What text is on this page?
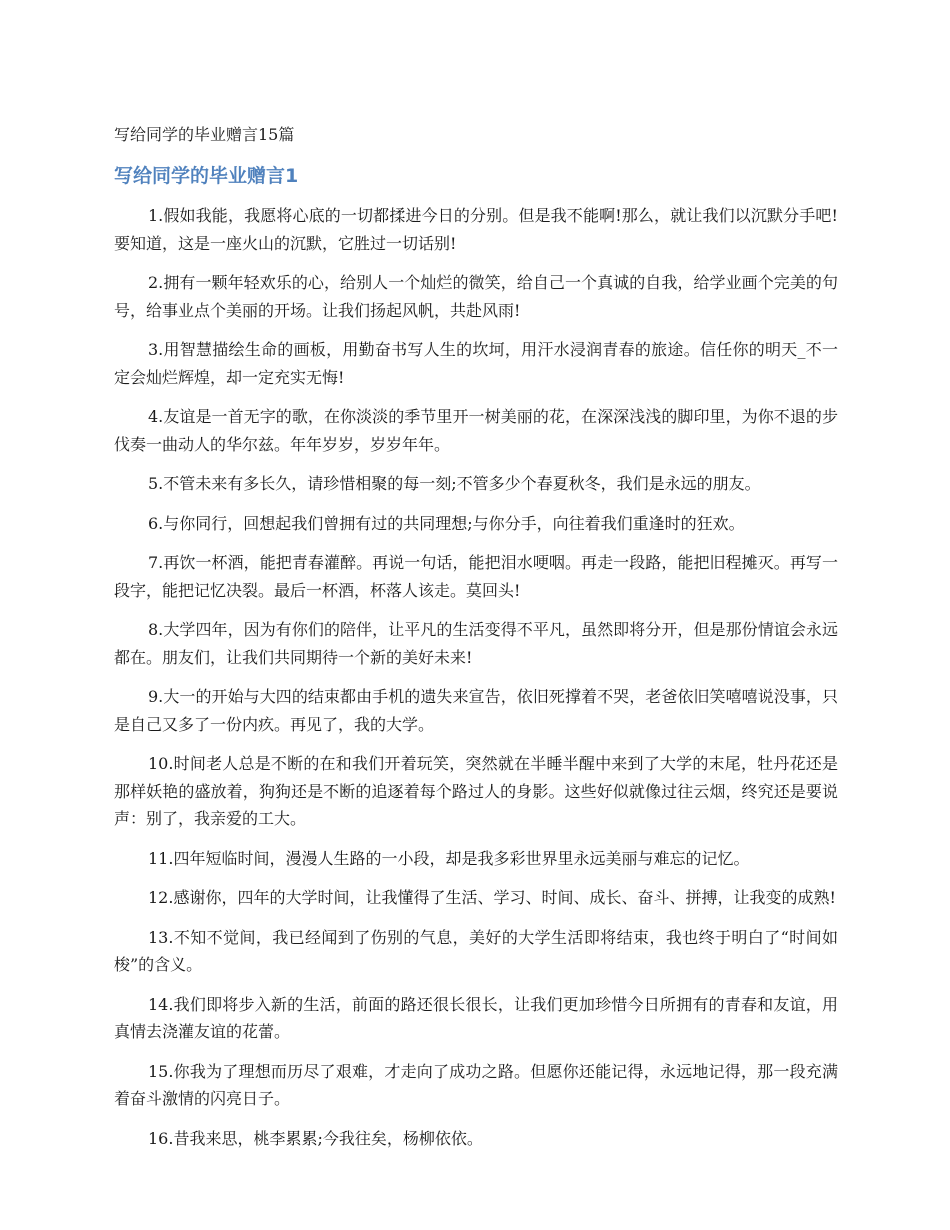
写给同学的毕业赠言15篇
写给同学的毕业赠言1

1.假如我能，我愿将心底的一切都揉进今日的分别。但是我不能啊!那么，就让我们以沉默分手吧!要知道，这是一座火山的沉默，它胜过一切话别!

2.拥有一颗年轻欢乐的心，给别人一个灿烂的微笑，给自己一个真诚的自我，给学业画个完美的句号，给事业点个美丽的开场。让我们扬起风帆，共赴风雨!

3.用智慧描绘生命的画板，用勤奋书写人生的坎坷，用汗水浸润青春的旅途。信任你的明天_不一定会灿烂辉煌，却一定充实无悔!

4.友谊是一首无字的歌，在你淡淡的季节里开一树美丽的花，在深深浅浅的脚印里，为你不退的步伐奏一曲动人的华尔兹。年年岁岁，岁岁年年。

5.不管未来有多长久，请珍惜相聚的每一刻;不管多少个春夏秋冬，我们是永远的朋友。

6.与你同行，回想起我们曾拥有过的共同理想;与你分手，向往着我们重逢时的狂欢。

7.再饮一杯酒，能把青春灌醉。再说一句话，能把泪水哽咽。再走一段路，能把旧程摊灭。再写一段字，能把记忆决裂。最后一杯酒，杯落人该走。莫回头!

8.大学四年，因为有你们的陪伴，让平凡的生活变得不平凡，虽然即将分开，但是那份情谊会永远都在。朋友们，让我们共同期待一个新的美好未来!

9.大一的开始与大四的结束都由手机的遗失来宣告，依旧死撑着不哭，老爸依旧笑嘻嘻说没事，只是自己又多了一份内疚。再见了，我的大学。

10.时间老人总是不断的在和我们开着玩笑，突然就在半睡半醒中来到了大学的末尾，牡丹花还是那样妖艳的盛放着，狗狗还是不断的追逐着每个路过人的身影。这些好似就像过往云烟，终究还是要说声：别了，我亲爱的工大。

11.四年短临时间，漫漫人生路的一小段，却是我多彩世界里永远美丽与难忘的记忆。

12.感谢你，四年的大学时间，让我懂得了生活、学习、时间、成长、奋斗、拼搏，让我变的成熟!

13.不知不觉间，我已经闻到了伤别的气息，美好的大学生活即将结束，我也终于明白了“时间如梭”的含义。

14.我们即将步入新的生活，前面的路还很长很长，让我们更加珍惜今日所拥有的青春和友谊，用真情去浇灌友谊的花蕾。

15.你我为了理想而历尽了艰难，才走向了成功之路。但愿你还能记得，永远地记得，那一段充满着奋斗激情的闪亮日子。

16.昔我来思，桃李累累;今我往矣，杨柳依依。
